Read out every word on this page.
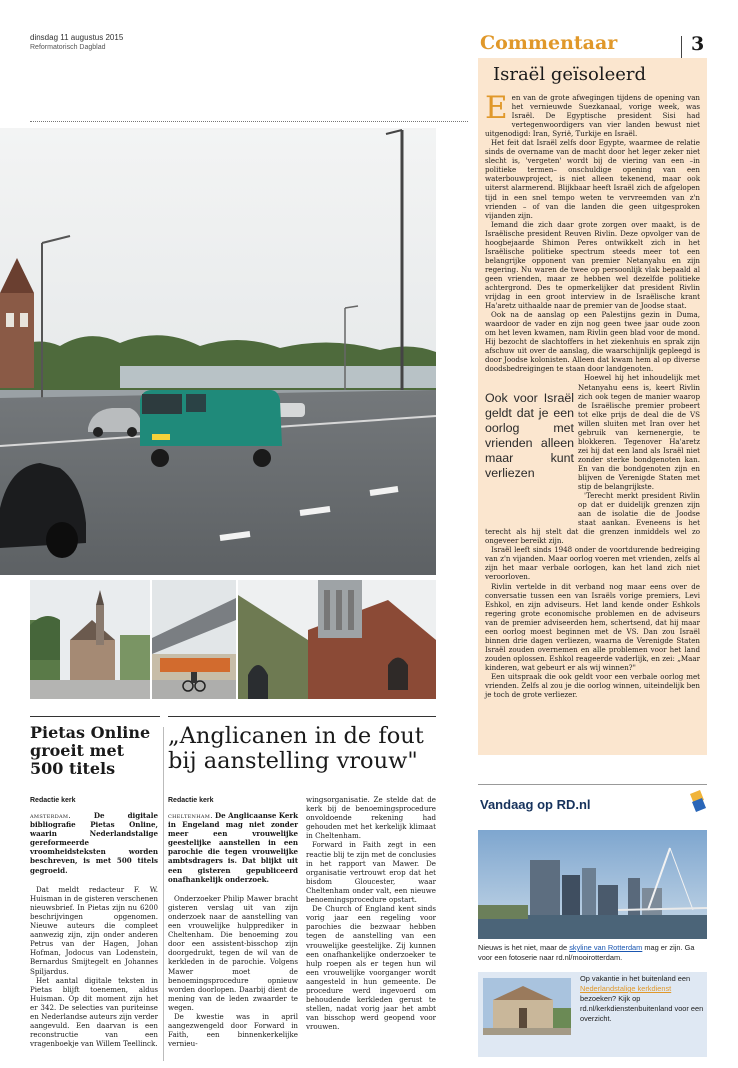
dinsdag 11 augustus 2015
Reformatorisch Dagblad	Commentaar	3
Israël geïsoleerd

Een van de grote afwegingen tijdens de opening van het vernieuwde Suezkanaal, vorige week, was Israël. De Egyptische president Sisi had vertegenwoordigers van vier landen bewust niet uitgenodigd: Iran, Syrië, Turkije en Israël.

Het feit dat Israël zelfs door Egypte, waarmee de relatie sinds de overname van de macht door het leger zeker niet slecht is, 'vergeten' wordt bij de viering van een –in politieke termen– onschuldige opening van een waterbouwproject, is niet alleen tekenend, maar ook uiterst alarmerend. Blijkbaar heeft Israël zich de afgelopen tijd in een snel tempo weten te vervreemden van z'n vrienden – of van die landen die geen uitgesproken vijanden zijn.

Iemand die zich daar grote zorgen over maakt, is de Israëlische president Reuven Rivlin. Deze opvolger van de hoogbejaarde Shimon Peres ontwikkelt zich in het Israëlische politieke spectrum steeds meer tot een belangrijke opponent van premier Netanyahu en zijn regering. Nu waren de twee op persoonlijk vlak bepaald al geen vrienden, maar ze hebben wel dezelfde politieke achtergrond. Des te opmerkelijker dat president Rivlin vrijdag in een groot interview in de Israëlische krant Ha'aretz uithaalde naar de premier van de Joodse staat.

Ook na de aanslag op een Palestijns gezin in Duma, waardoor de vader en zijn nog geen twee jaar oude zoon om het leven kwamen, nam Rivlin geen blad voor de mond. Hij bezocht de slachtoffers in het ziekenhuis en sprak zijn afschuw uit over de aanslag, die waarschijnlijk gepleegd is door Joodse kolonisten. Alleen dat kwam hem al op diverse doodsbedreigingen te staan door landgenoten.

Ook voor Israël geldt dat je een oorlog met vrienden alleen maar kunt verliezen

Hoewel hij het inhoudelijk met Netanyahu eens is, keert Rivlin zich ook tegen de manier waarop de Israëlische premier probeert tot elke prijs de deal die de VS willen sluiten met Iran over het gebruik van kernenergie, te blokkeren. Tegenover Ha'aretz zei hij dat een land als Israël niet zonder sterke bondgenoten kan. En van die bondgenoten zijn en blijven de Verenigde Staten met stip de belangrijkste.

'Terecht merkt president Rivlin op dat er duidelijk grenzen zijn aan de isolatie die de Joodse staat aankan. Eveneens is het terecht als hij stelt dat die grenzen inmiddels wel zo ongeveer bereikt zijn.

Israël leeft sinds 1948 onder de voortdurende bedreiging van z'n vijanden. Maar oorlog voeren met vrienden, zelfs al zijn het maar verbale oorlogen, kan het land zich niet veroorloven.

Rivlin vertelde in dit verband nog maar eens over de conversatie tussen een van Israëls vorige premiers, Levi Eshkol, en zijn adviseurs. Het land kende onder Eshkols regering grote economische problemen en de adviseurs van de premier adviseerden hem, schertsend, dat hij maar een oorlog moest beginnen met de VS. Dan zou Israël binnen drie dagen verliezen, waarna de Verenigde Staten Israël zouden overnemen en alle problemen voor het land zouden oplossen. Eshkol reageerde vaderlijk, en zei: „Maar kinderen, wat gebeurt er als wij winnen?"

Een uitspraak die ook geldt voor een verbale oorlog met vrienden. Zelfs al zou je die oorlog winnen, uiteindelijk ben je toch de grote verliezer.

Pietas Online groeit met 500 titels
Redactie kerk

amsterdam.	De digitale bibliografie Pietas Online, waarin Nederlandstalige gereformeerde vroomheidsteksten worden beschreven, is met 500 titels gegroeid.

Dat meldt redacteur F. W. Huisman in de gisteren verschenen nieuwsbrief. In Pietas zijn nu 6200 beschrijvingen opgenomen. Nieuwe auteurs die compleet aanwezig zijn, zijn onder anderen Petrus van der Hagen, Johan Hofman, Jodocus van Lodenstein, Bernardus Smijtegelt en Johannes Spiljardus.

Het aantal digitale teksten in Pietas blijft toenemen, aldus Huisman. Op dit moment zijn het er 342. De selecties van puriteinse en Nederlandse auteurs zijn verder aangevuld. Een daarvan is een reconstructie van een vragenboekje van Willem Teellinck.

„Anglicanen in de fout bij aanstelling vrouw"
Redactie kerk

cheltenham. De Anglicaanse Kerk in Engeland mag niet zonder meer een vrouwelijke geestelijke aanstellen in een parochie die tegen vrouwelijke ambtsdragers is. Dat blijkt uit een gisteren gepubliceerd onafhankelijk onderzoek.

Onderzoeker Philip Mawer bracht gisteren verslag uit van zijn onderzoek naar de aanstelling van een vrouwelijke hulpprediker in Cheltenham. Die benoeming zou door een assistent-bisschop zijn doorgedrukt, tegen de wil van de kerkleden in de parochie. Volgens Mawer moet de benoemingsprocedure opnieuw worden doorlopen. Daarbij dient de mening van de leden zwaarder te wegen.

De kwestie was in april aangezwengeld door Forward in Faith, een binnenkerkelijke vernieu-

wingsorganisatie. Ze stelde dat de kerk bij de benoemingsprocedure onvoldoende rekening had gehouden met het kerkelijk klimaat in Cheltenham.

Forward in Faith zegt in een reactie blij te zijn met de conclusies in het rapport van Mawer. De organisatie vertrouwt erop dat het bisdom Gloucester, waar Cheltenham onder valt, een nieuwe benoemingsprocedure opstart.

De Church of England kent sinds vorig jaar een regeling voor parochies die bezwaar hebben tegen de aanstelling van een vrouwelijke geestelijke. Zij kunnen een onafhankelijke onderzoeker te hulp roepen als er tegen hun wil een vrouwelijke voorganger wordt aangesteld in hun gemeente. De procedure werd ingevoerd om behoudende kerkleden gerust te stellen, nadat vorig jaar het ambt van bisschop werd geopend voor vrouwen.

Vandaag op RD.nl
Nieuws is het niet, maar de skyline van Rotterdam mag er zijn. Ga voor een fotoserie naar rd.nl/mooirotterdam.
Op vakantie in het buitenland een Nederlandstalige kerkdienst bezoeken? Kijk op rd.nl/kerkdienstenbuitenland voor een overzicht.
